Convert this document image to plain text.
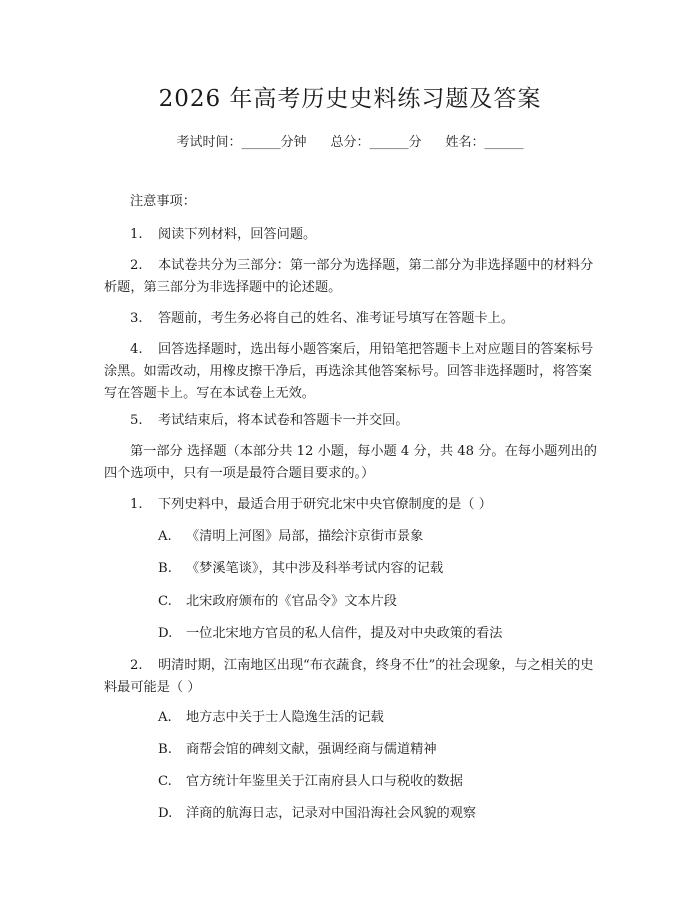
2026 年高考历史史料练习题及答案
考试时间：______分钟 总分：______分 姓名：______
注意事项：
1. 阅读下列材料，回答问题。
2. 本试卷共分为三部分：第一部分为选择题，第二部分为非选择题中的材料分析题，第三部分为非选择题中的论述题。
3. 答题前，考生务必将自己的姓名、准考证号填写在答题卡上。
4. 回答选择题时，选出每小题答案后，用铅笔把答题卡上对应题目的答案标号涂黑。如需改动，用橡皮擦干净后，再选涂其他答案标号。回答非选择题时，将答案写在答题卡上。写在本试卷上无效。
5. 考试结束后，将本试卷和答题卡一并交回。
第一部分 选择题（本部分共 12 小题，每小题 4 分，共 48 分。在每小题列出的四个选项中，只有一项是最符合题目要求的。）
1. 下列史料中，最适合用于研究北宋中央官僚制度的是（ ）
A. 《清明上河图》局部，描绘汴京街市景象
B. 《梦溪笔谈》，其中涉及科举考试内容的记载
C. 北宋政府颁布的《官品令》文本片段
D. 一位北宋地方官员的私人信件，提及对中央政策的看法
2. 明清时期，江南地区出现“布衣蔬食，终身不仕”的社会现象，与之相关的史料最可能是（ ）
A. 地方志中关于士人隐逸生活的记载
B. 商帮会馆的碑刻文献，强调经商与儒道精神
C. 官方统计年鉴里关于江南府县人口与税收的数据
D. 洋商的航海日志，记录对中国沿海社会风貌的观察
